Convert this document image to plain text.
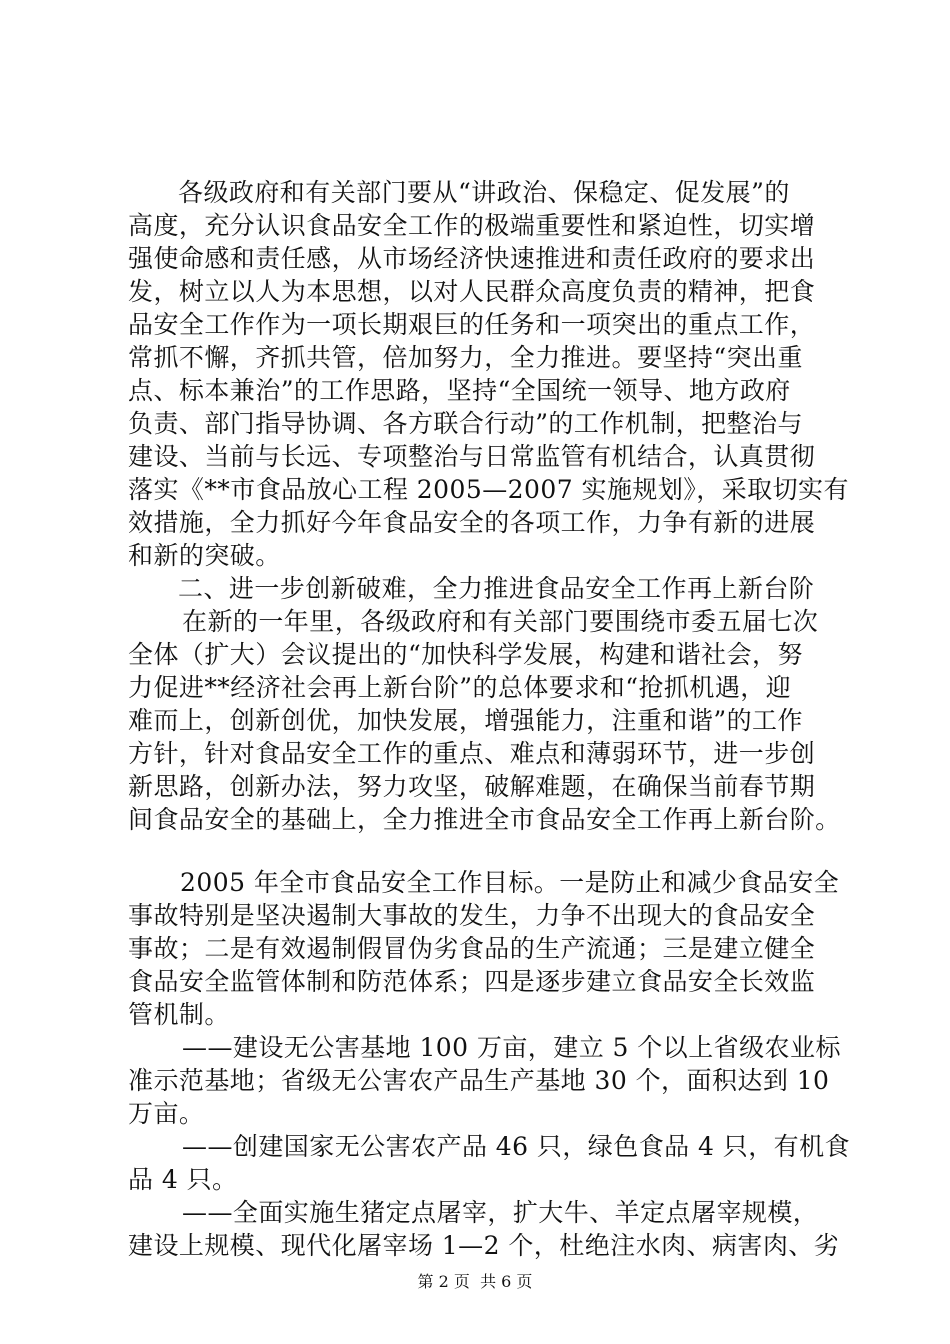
各级政府和有关部门要从“讲政治、保稳定、促发展”的
高度，充分认识食品安全工作的极端重要性和紧迫性，切实增
强使命感和责任感，从市场经济快速推进和责任政府的要求出
发，树立以人为本思想，以对人民群众高度负责的精神，把食
品安全工作作为一项长期艰巨的任务和一项突出的重点工作，
常抓不懈，齐抓共管，倍加努力，全力推进。要坚持“突出重
点、标本兼治”的工作思路，坚持“全国统一领导、地方政府
负责、部门指导协调、各方联合行动”的工作机制，把整治与
建设、当前与长远、专项整治与日常监管有机结合，认真贯彻
落实《**市食品放心工程 2005—2007 实施规划》，采取切实有
效措施，全力抓好今年食品安全的各项工作，力争有新的进展
和新的突破。
二、进一步创新破难，全力推进食品安全工作再上新台阶
在新的一年里，各级政府和有关部门要围绕市委五届七次
全体（扩大）会议提出的“加快科学发展，构建和谐社会，努
力促进**经济社会再上新台阶”的总体要求和“抢抓机遇，迎
难而上，创新创优，加快发展，增强能力，注重和谐”的工作
方针，针对食品安全工作的重点、难点和薄弱环节，进一步创
新思路，创新办法，努力攻坚，破解难题，在确保当前春节期
间食品安全的基础上，全力推进全市食品安全工作再上新台阶。
2005 年全市食品安全工作目标。一是防止和减少食品安全
事故特别是坚决遏制大事故的发生，力争不出现大的食品安全
事故；二是有效遏制假冒伪劣食品的生产流通；三是建立健全
食品安全监管体制和防范体系；四是逐步建立食品安全长效监
管机制。
——建设无公害基地 100 万亩，建立 5 个以上省级农业标
准示范基地；省级无公害农产品生产基地 30 个，面积达到 10
万亩。
——创建国家无公害农产品 46 只，绿色食品 4 只，有机食
品 4 只。
——全面实施生猪定点屠宰，扩大牛、羊定点屠宰规模，
建设上规模、现代化屠宰场 1—2 个，杜绝注水肉、病害肉、劣
第 2 页  共 6 页
